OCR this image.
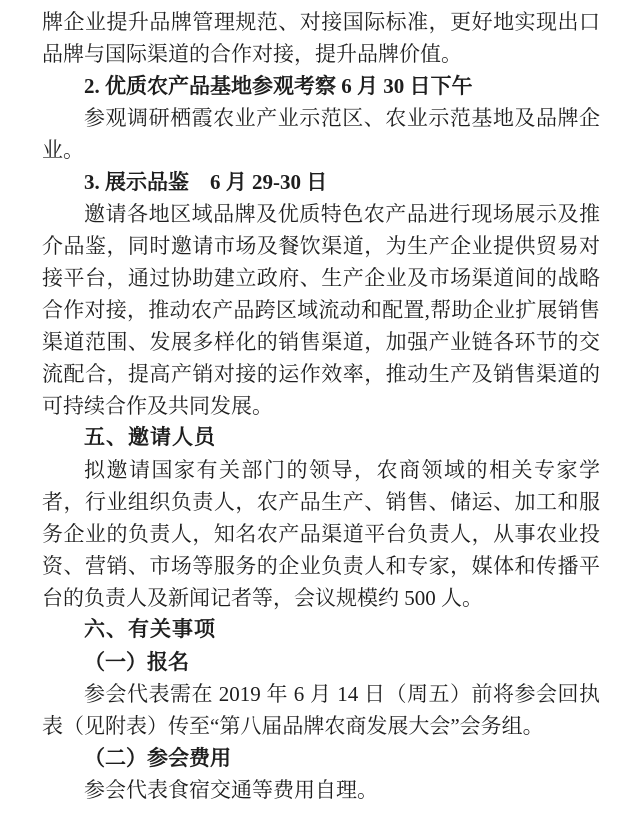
牌企业提升品牌管理规范、对接国际标准，更好地实现出口品牌与国际渠道的合作对接，提升品牌价值。

2. 优质农产品基地参观考察 6 月 30 日下午

参观调研栖霞农业产业示范区、农业示范基地及品牌企业。

3. 展示品鉴　6 月 29-30 日

邀请各地区域品牌及优质特色农产品进行现场展示及推介品鉴，同时邀请市场及餐饮渠道，为生产企业提供贸易对接平台，通过协助建立政府、生产企业及市场渠道间的战略合作对接，推动农产品跨区域流动和配置,帮助企业扩展销售渠道范围、发展多样化的销售渠道，加强产业链各环节的交流配合，提高产销对接的运作效率，推动生产及销售渠道的可持续合作及共同发展。

五、邀请人员

拟邀请国家有关部门的领导，农商领域的相关专家学者，行业组织负责人，农产品生产、销售、储运、加工和服务企业的负责人，知名农产品渠道平台负责人，从事农业投资、营销、市场等服务的企业负责人和专家，媒体和传播平台的负责人及新闻记者等，会议规模约 500 人。

六、有关事项

（一）报名

参会代表需在 2019 年 6 月 14 日（周五）前将参会回执表（见附表）传至“第八届品牌农商发展大会”会务组。

（二）参会费用

参会代表食宿交通等费用自理。
